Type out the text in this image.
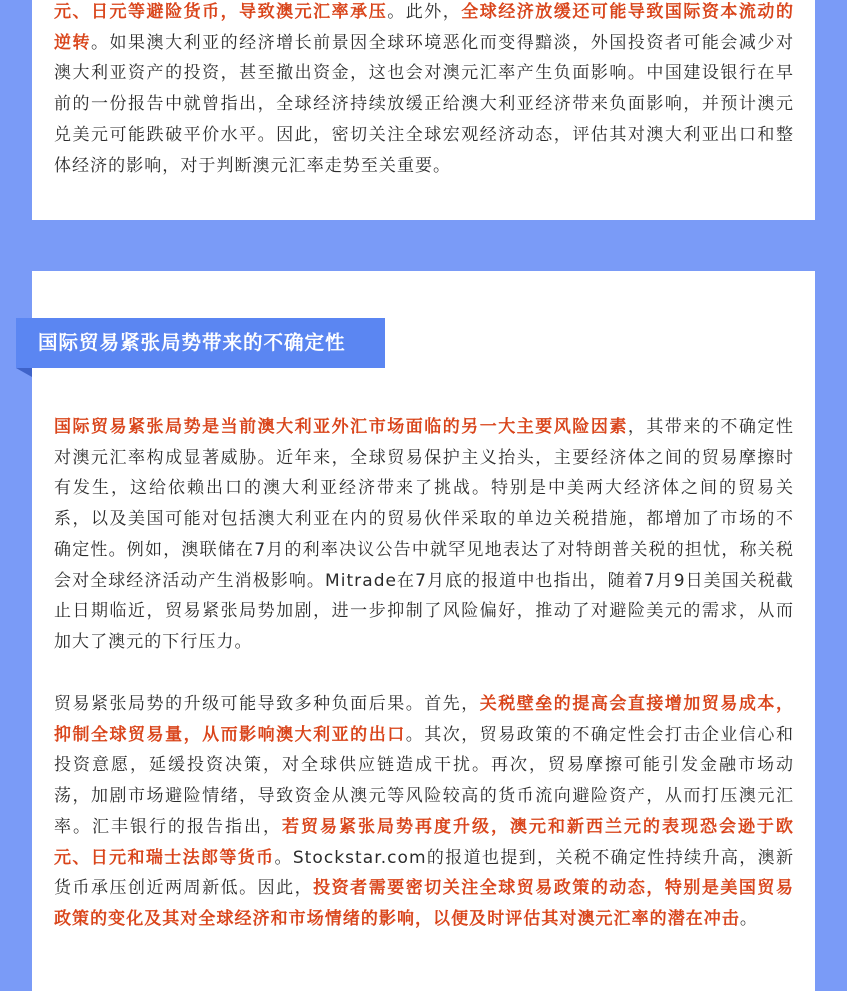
元、日元等避险货币，导致澳元汇率承压。此外，全球经济放缓还可能导致国际资本流动的逆转。如果澳大利亚的经济增长前景因全球环境恶化而变得黯淡，外国投资者可能会减少对澳大利亚资产的投资，甚至撤出资金，这也会对澳元汇率产生负面影响。中国建设银行在早前的一份报告中就曾指出，全球经济持续放缓正给澳大利亚经济带来负面影响，并预计澳元兑美元可能跌破平价水平。因此，密切关注全球宏观经济动态，评估其对澳大利亚出口和整体经济的影响，对于判断澳元汇率走势至关重要。

国际贸易紧张局势是当前澳大利亚外汇市场面临的另一大主要风险因素，其带来的不确定性对澳元汇率构成显著威胁。近年来，全球贸易保护主义抬头，主要经济体之间的贸易摩擦时有发生，这给依赖出口的澳大利亚经济带来了挑战。特别是中美两大经济体之间的贸易关系，以及美国可能对包括澳大利亚在内的贸易伙伴采取的单边关税措施，都增加了市场的不确定性。例如，澳联储在7月的利率决议公告中就罕见地表达了对特朗普关税的担忧，称关税会对全球经济活动产生消极影响。Mitrade在7月底的报道中也指出，随着7月9日美国关税截止日期临近，贸易紧张局势加剧，进一步抑制了风险偏好，推动了对避险美元的需求，从而加大了澳元的下行压力。

贸易紧张局势的升级可能导致多种负面后果。首先，关税壁垒的提高会直接增加贸易成本，抑制全球贸易量，从而影响澳大利亚的出口。其次，贸易政策的不确定性会打击企业信心和投资意愿，延缓投资决策，对全球供应链造成干扰。再次，贸易摩擦可能引发金融市场动荡，加剧市场避险情绪，导致资金从澳元等风险较高的货币流向避险资产，从而打压澳元汇率。汇丰银行的报告指出，若贸易紧张局势再度升级，澳元和新西兰元的表现恐会逊于欧元、日元和瑞士法郎等货币。Stockstar.com的报道也提到，关税不确定性持续升高，澳新货币承压创近两周新低。因此，投资者需要密切关注全球贸易政策的动态，特别是美国贸易政策的变化及其对全球经济和市场情绪的影响，以便及时评估其对澳元汇率的潜在冲击。

国际贸易紧张局势带来的不确定性
